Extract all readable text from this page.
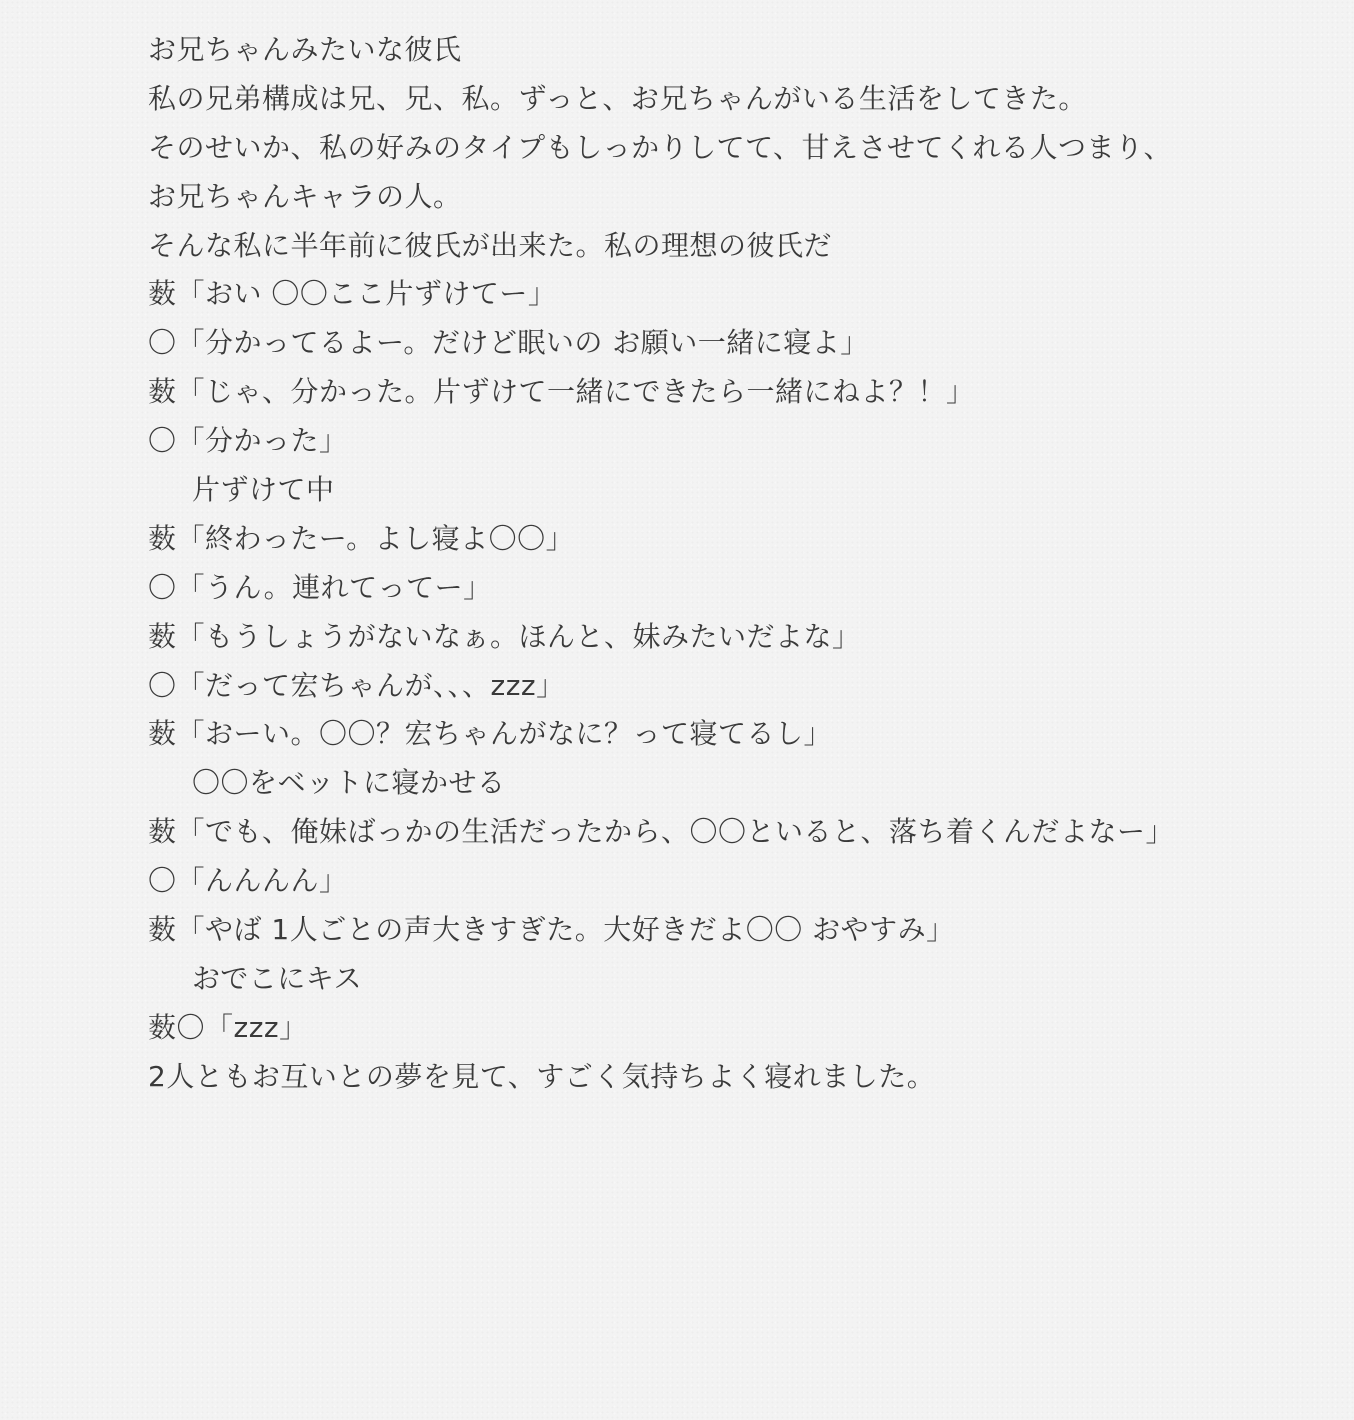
お兄ちゃんみたいな彼氏
私の兄弟構成は兄、兄、私。ずっと、お兄ちゃんがいる生活をしてきた。
そのせいか、私の好みのタイプもしっかりしてて、甘えさせてくれる人つまり、
お兄ちゃんキャラの人。
そんな私に半年前に彼氏が出来た。私の理想の彼氏だ
薮「おい 〇〇ここ片ずけてー」
〇「分かってるよー。だけど眠いの お願い一緒に寝よ」
薮「じゃ、分かった。片ずけて一緒にできたら一緒にねよ？！」
〇「分かった」
片ずけて中
薮「終わったー。よし寝よ〇〇」
〇「うん。連れてってー」
薮「もうしょうがないなぁ。ほんと、妹みたいだよな」
〇「だって宏ちゃんが、、、zzz」
薮「おーい。〇〇？宏ちゃんがなに？って寝てるし」
〇〇をベットに寝かせる
薮「でも、俺妹ばっかの生活だったから、〇〇といると、落ち着くんだよなー」
〇「んんんん」
薮「やば 1人ごとの声大きすぎた。大好きだよ〇〇 おやすみ」
おでこにキス
薮〇「zzz」
2人ともお互いとの夢を見て、すごく気持ちよく寝れました。
